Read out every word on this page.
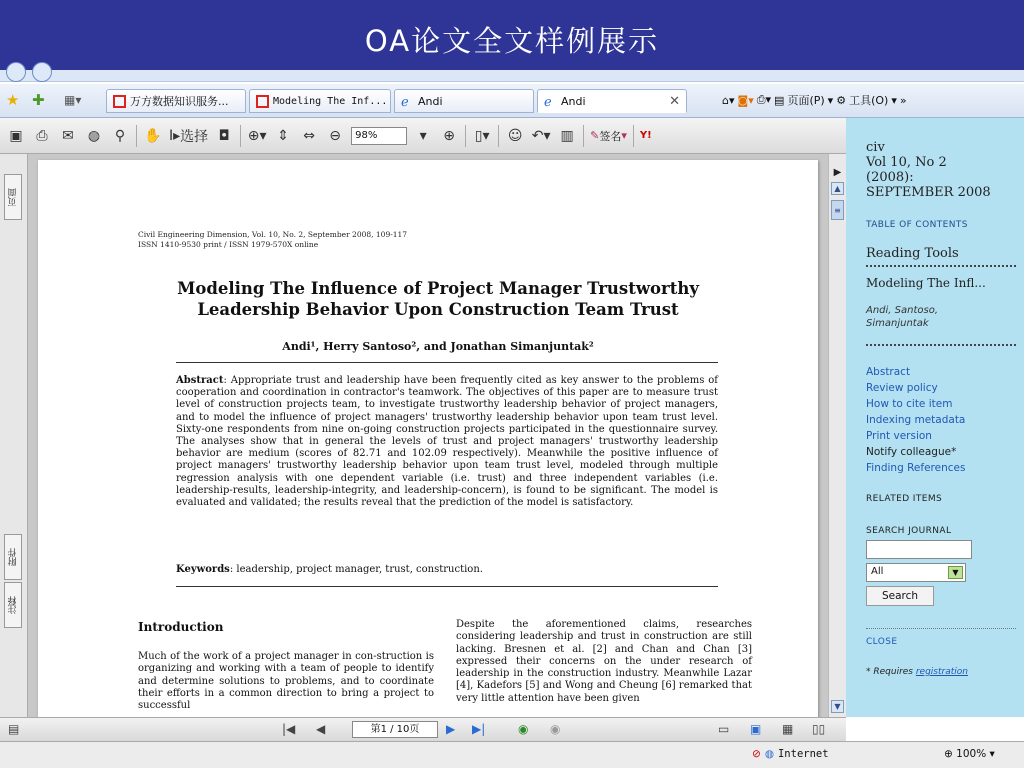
OA论文全文样例展示
★ ✚ ▦▾	万方数据知识服务...	Modeling The Inf... ℯ Andi	ℯ Andi	✕	⌂▾ ◙▾ ⎙▾ ▤ 页面(P) ▾ ⚙ 工具(O) ▾ »
▣ ⎙	✉ ◍	⚲	✋ I▸ 选择 ◘	⊕▾ ⇕ ⇔ ⊖	98%	▾	⊕ ▯▾ ☺ ↶▾ ▥	✎ 签名 ▾ Y!
页面
附件
注释
Civil Engineering Dimension, Vol. 10, No. 2, September 2008, 109-117
ISSN 1410-9530 print / ISSN 1979-570X online
Modeling The Influence of Project Manager Trustworthy
Leadership Behavior Upon Construction Team Trust
Andi¹, Herry Santoso², and Jonathan Simanjuntak²
Abstract: Appropriate trust and leadership have been frequently cited as key answer to the problems of cooperation and coordination in contractor's teamwork. The objectives of this paper are to measure trust level of construction projects team, to investigate trustworthy leadership behavior of project managers, and to model the influence of project managers' trustworthy leadership behavior upon team trust level. Sixty-one respondents from nine on-going construction projects participated in the questionnaire survey. The analyses show that in general the levels of trust and project managers' trustworthy leadership behavior are medium (scores of 82.71 and 102.09 respectively). Meanwhile the positive influence of project managers' trustworthy leadership behavior upon team trust level, modeled through multiple regression analysis with one dependent variable (i.e. trust) and three independent variables (i.e. leadership-results, leadership-integrity, and leadership-concern), is found to be significant. The model is evaluated and validated; the results reveal that the prediction of the model is satisfactory.
Keywords: leadership, project manager, trust, construction.
Introduction
Much of the work of a project manager in con-struction is organizing and working with a team of people to identify and determine solutions to problems, and to coordinate their efforts in a common direction to bring a project to successful
Despite the aforementioned claims, researches considering leadership and trust in construction are still lacking. Bresnen et al. [2] and Chan and Chan [3] expressed their concerns on the under research of leadership in the construction industry. Meanwhile Lazar [4], Kadefors [5] and Wong and Cheung [6] remarked that very little attention have been given
▶
▲
≡
▼
civ
Vol 10, No 2
(2008):
SEPTEMBER 2008
TABLE OF CONTENTS
Reading Tools
Modeling The Infl...
Andi, Santoso,
Simanjuntak
Abstract
Review policy
How to cite item
Indexing metadata
Print version
Notify colleague*
Finding References
RELATED ITEMS
SEARCH JOURNAL
All	▼
Search
CLOSE
* Requires registration
▤	|◀ ◀	第1 / 10页	▶ ▶|	◉ ◉	▭ ▣ ▦ ▯▯
⊘ ◍ Internet	⊕ 100% ▾
